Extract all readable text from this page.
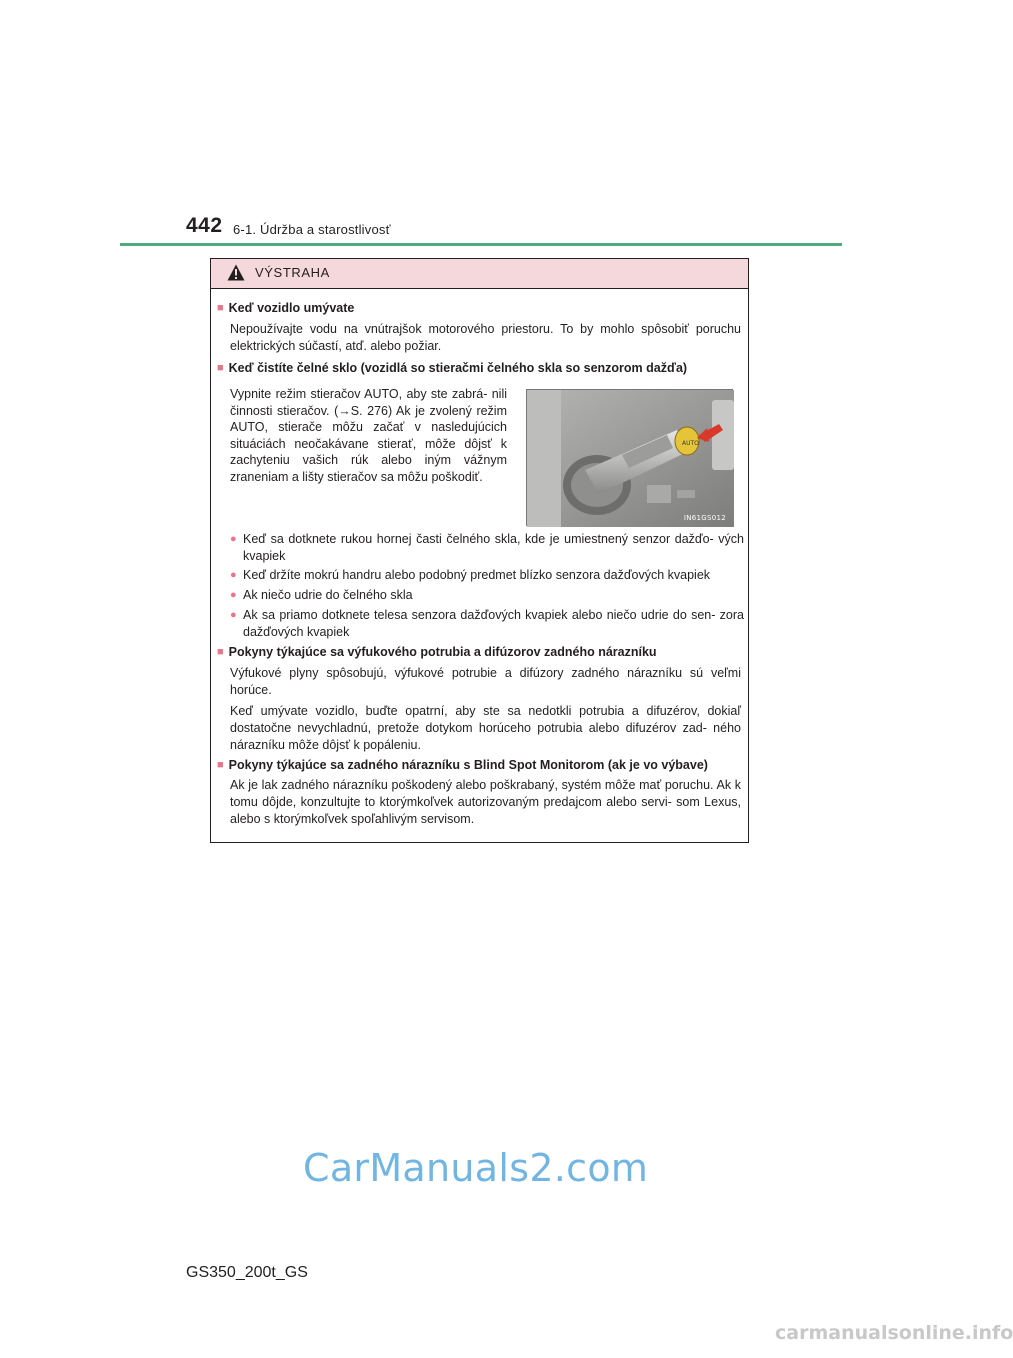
442 6-1. Údržba a starostlivosť
VÝSTRAHA
■ Keď vozidlo umývate
Nepoužívajte vodu na vnútrajšok motorového priestoru. To by mohlo spôsobiť poruchu elektrických súčastí, atď. alebo požiar.
■ Keď čistíte čelné sklo (vozidlá so stieračmi čelného skla so senzorom dažďa)
Vypnite režim stieračov AUTO, aby ste zabrá- nili činnosti stieračov. (→S. 276) Ak je zvolený režim AUTO, stierače môžu začať v nasledujúcich situáciách neočakávane stierať, môže dôjsť k zachyteniu vašich rúk alebo iným vážnym zraneniam a lišty stieračov sa môžu poškodiť.
AUTO
IN61GS012
● Keď sa dotknete rukou hornej časti čelného skla, kde je umiestnený senzor dažďo- vých kvapiek
● Keď držíte mokrú handru alebo podobný predmet blízko senzora dažďových kvapiek
● Ak niečo udrie do čelného skla
● Ak sa priamo dotknete telesa senzora dažďových kvapiek alebo niečo udrie do sen- zora dažďových kvapiek
■ Pokyny týkajúce sa výfukového potrubia a difúzorov zadného nárazníku
Výfukové plyny spôsobujú, výfukové potrubie a difúzory zadného nárazníku sú veľmi horúce.
Keď umývate vozidlo, buďte opatrní, aby ste sa nedotkli potrubia a difuzérov, dokiaľ dostatočne nevychladnú, pretože dotykom horúceho potrubia alebo difuzérov zad- ného nárazníku môže dôjsť k popáleniu.
■ Pokyny týkajúce sa zadného nárazníku s Blind Spot Monitorom (ak je vo výbave)
Ak je lak zadného nárazníku poškodený alebo poškrabaný, systém môže mať poruchu. Ak k tomu dôjde, konzultujte to ktorýmkoľvek autorizovaným predajcom alebo servi- som Lexus, alebo s ktorýmkoľvek spoľahlivým servisom.
CarManuals2.com
GS350_200t_GS
carmanualsonline.info
